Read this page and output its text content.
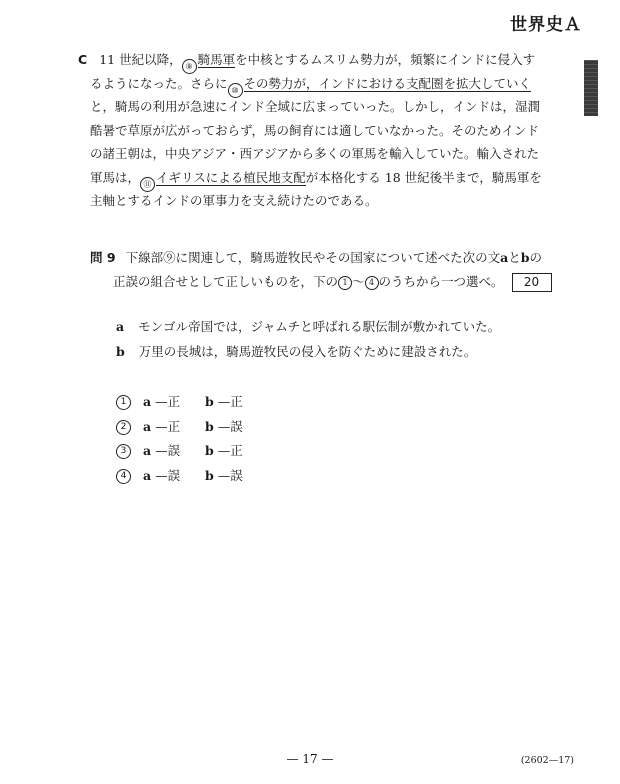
世界史Ａ
C 11 世紀以降， ⑨ 騎馬軍を中核とするムスリム勢力が，頻繁にインドに侵入す
るようになった。さらに ⑩ その勢力が，インドにおける支配圏を拡大していく
と，騎馬の利用が急速にインド全域に広まっていった。しかし，インドは，湿潤
酷暑で草原が広がっておらず，馬の飼育には適していなかった。そのためインド
の諸王朝は，中央アジア・西アジアから多くの軍馬を輸入していた。輸入された
軍馬は， ⑪ イギリスによる植民地支配が本格化する 18 世紀後半まで，騎馬軍を
主軸とするインドの軍事力を支え続けたのである。
問 9 下線部⑨に関連して，騎馬遊牧民やその国家について述べた次の文aとbの
正誤の組合せとして正しいものを，下の 1 ～ 4 のうちから一つ選べ。 20
a モンゴル帝国では，ジャムチと呼ばれる駅伝制が敷かれていた。
b 万里の長城は，騎馬遊牧民の侵入を防ぐために建設された。
1 a —正 b —正
2 a —正 b —誤
3 a —誤 b —正
4 a —誤 b —誤
— 17 —	(2602—17)
